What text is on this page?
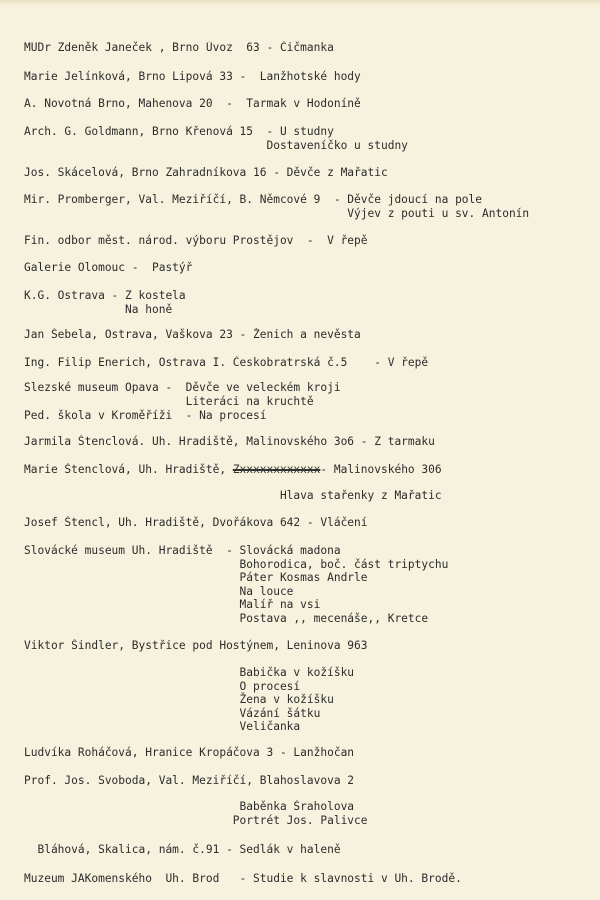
MUDr Zdeněk Janeček , Brno Úvoz  63 - Čičmanka
Marie Jelínková, Brno Lipová 33 -  Lanžhotské hody
A. Novotná Brno, Mahenova 20  -  Tarmak v Hodoníně
Arch. G. Goldmann, Brno Křenová 15  - U studny
Dostaveníčko u studny
Jos. Skácelová, Brno Zahradníkova 16 - Děvče z Mařatic
Mir. Promberger, Val. Meziříčí, B. Němcové 9  - Děvče jdoucí na pole
Výjev z pouti u sv. Antonín
Fin. odbor měst. národ. výboru Prostějov  -  V řepě
Galerie Olomouc -  Pastýř
K.G. Ostrava - Z kostela
Na honě
Jan Šebela, Ostrava, Vaškova 23 - Ženich a nevěsta
Ing. Filip Enerich, Ostrava I. Českobratrská č.5    - V řepě
Slezské museum Opava -  Děvče ve veleckém kroji
Literáci na kruchtě
Ped. škola v Kroměříži  - Na procesí
Jarmila Štenclová. Uh. Hradiště, Malinovského 3o6 - Z tarmaku
Marie Štenclová, Uh. Hradiště, Zxxxxxxxxxxxx- Malinovského 306
Hlava stařenky z Mařatic
Josef Štencl, Uh. Hradiště, Dvořákova 642 - Vláčení
Slovácké museum Uh. Hradiště  - Slovácká madona
Bohorodica, boč. část triptychu
Páter Kosmas Andrle
Na louce
Malíř na vsi
Postava ,, mecenáše,, Kretce
Viktor Šindler, Bystřice pod Hostýnem, Leninova 963
Babička v kožíšku
O procesí
Žena v kožíšku
Vázání šátku
Veličanka
Ludvíka Roháčová, Hranice Kropáčova 3 - Lanžhočan
Prof. Jos. Svoboda, Val. Meziříčí, Blahoslavova 2
Baběnka Šraholova
Portrét Jos. Palivce
Bláhová, Skalica, nám. č.91 - Sedlák v haleně
Muzeum JAKomenského  Uh. Brod   - Studie k slavnosti v Uh. Brodě.
